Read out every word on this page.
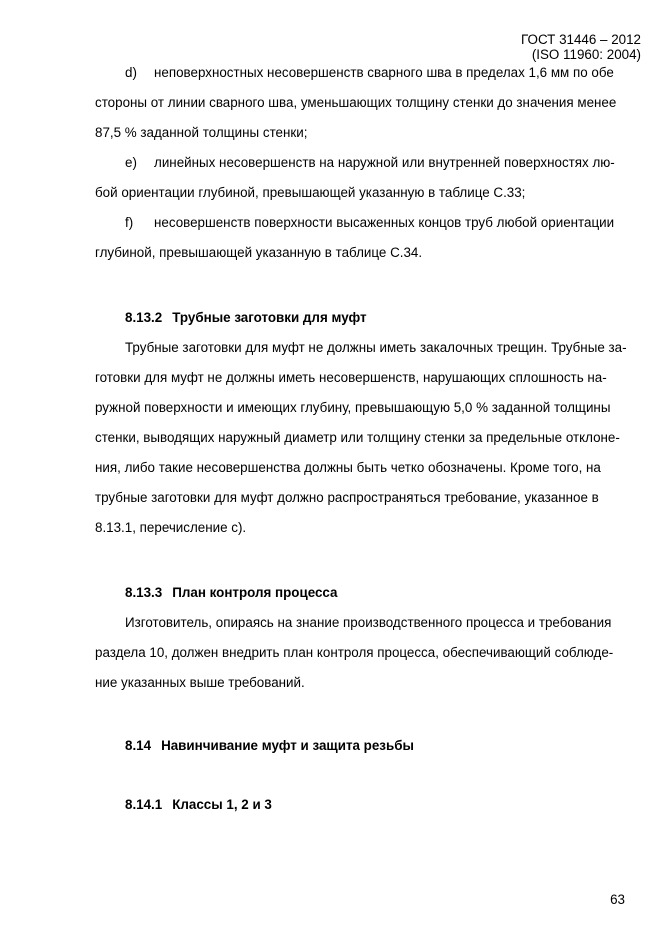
ГОСТ 31446 – 2012
(ISO 11960: 2004)
d) неповерхностных несовершенств сварного шва в пределах 1,6 мм по обе
стороны от линии сварного шва, уменьшающих толщину стенки до значения менее
87,5 % заданной толщины стенки;
e) линейных несовершенств на наружной или внутренней поверхностях лю-
бой ориентации глубиной, превышающей указанную в таблице С.33;
f) несовершенств поверхности высаженных концов труб любой ориентации
глубиной, превышающей указанную в таблице С.34.
8.13.2 Трубные заготовки для муфт
Трубные заготовки для муфт не должны иметь закалочных трещин. Трубные за-
готовки для муфт не должны иметь несовершенств, нарушающих сплошность на-
ружной поверхности и имеющих глубину, превышающую 5,0 % заданной толщины
стенки, выводящих наружный диаметр или толщину стенки за предельные отклоне-
ния, либо такие несовершенства должны быть четко обозначены. Кроме того, на
трубные заготовки для муфт должно распространяться требование, указанное в
8.13.1, перечисление с).
8.13.3 План контроля процесса
Изготовитель, опираясь на знание производственного процесса и требования
раздела 10, должен внедрить план контроля процесса, обеспечивающий соблюде-
ние указанных выше требований.
8.14 Навинчивание муфт и защита резьбы
8.14.1 Классы 1, 2 и 3
63
